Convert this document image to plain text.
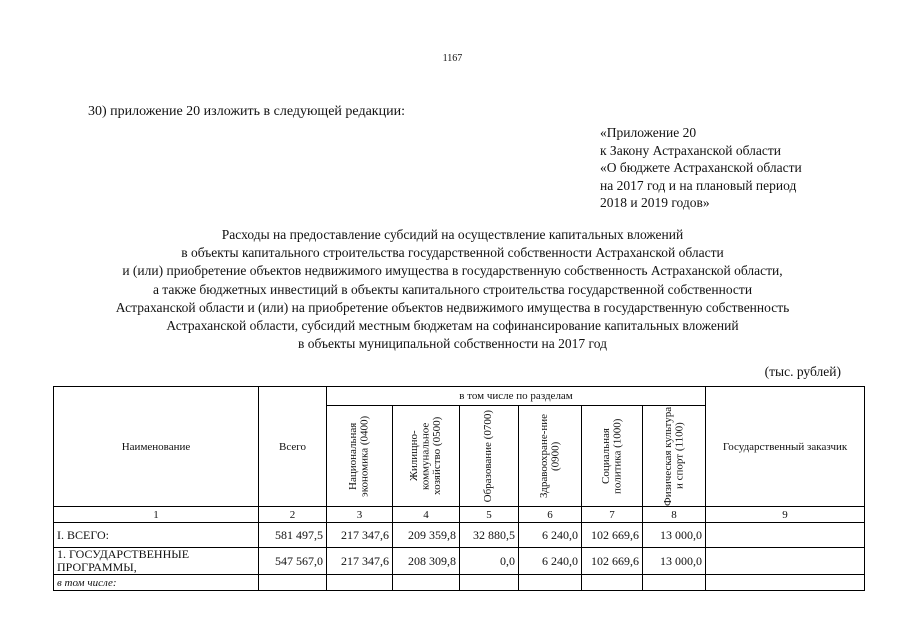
1167
30) приложение 20 изложить в следующей редакции:
«Приложение 20
к Закону Астраханской области
«О бюджете Астраханской области
на 2017 год и на плановый период
2018 и 2019 годов»
Расходы на предоставление субсидий на осуществление капитальных вложений
в объекты капитального строительства государственной собственности Астраханской области
и (или) приобретение объектов недвижимого имущества в государственную собственность Астраханской области,
а также бюджетных инвестиций в объекты капитального строительства государственной собственности
Астраханской области и (или) на приобретение объектов недвижимого имущества в государственную собственность
Астраханской области, субсидий местным бюджетам на софинансирование капитальных вложений
в объекты муниципальной собственности на 2017 год
(тыс. рублей)
Наименование	Всего	в том числе по разделам						Государственный заказчик

		Национальная экономика (0400)	Жилищно-коммунальное хозяйство (0500)	Образование (0700)	Здравоохране-ние (0900)	Социальная политика (1000)	Физическая культура и спорт (1100)	

1	2	3	4	5	6	7	8	9
I. ВСЕГО:	581 497,5	217 347,6	209 359,8	32 880,5	6 240,0	102 669,6	13 000,0	
1. ГОСУДАРСТВЕННЫЕ ПРОГРАММЫ,	547 567,0	217 347,6	208 309,8	0,0	6 240,0	102 669,6	13 000,0	
в том числе:								
